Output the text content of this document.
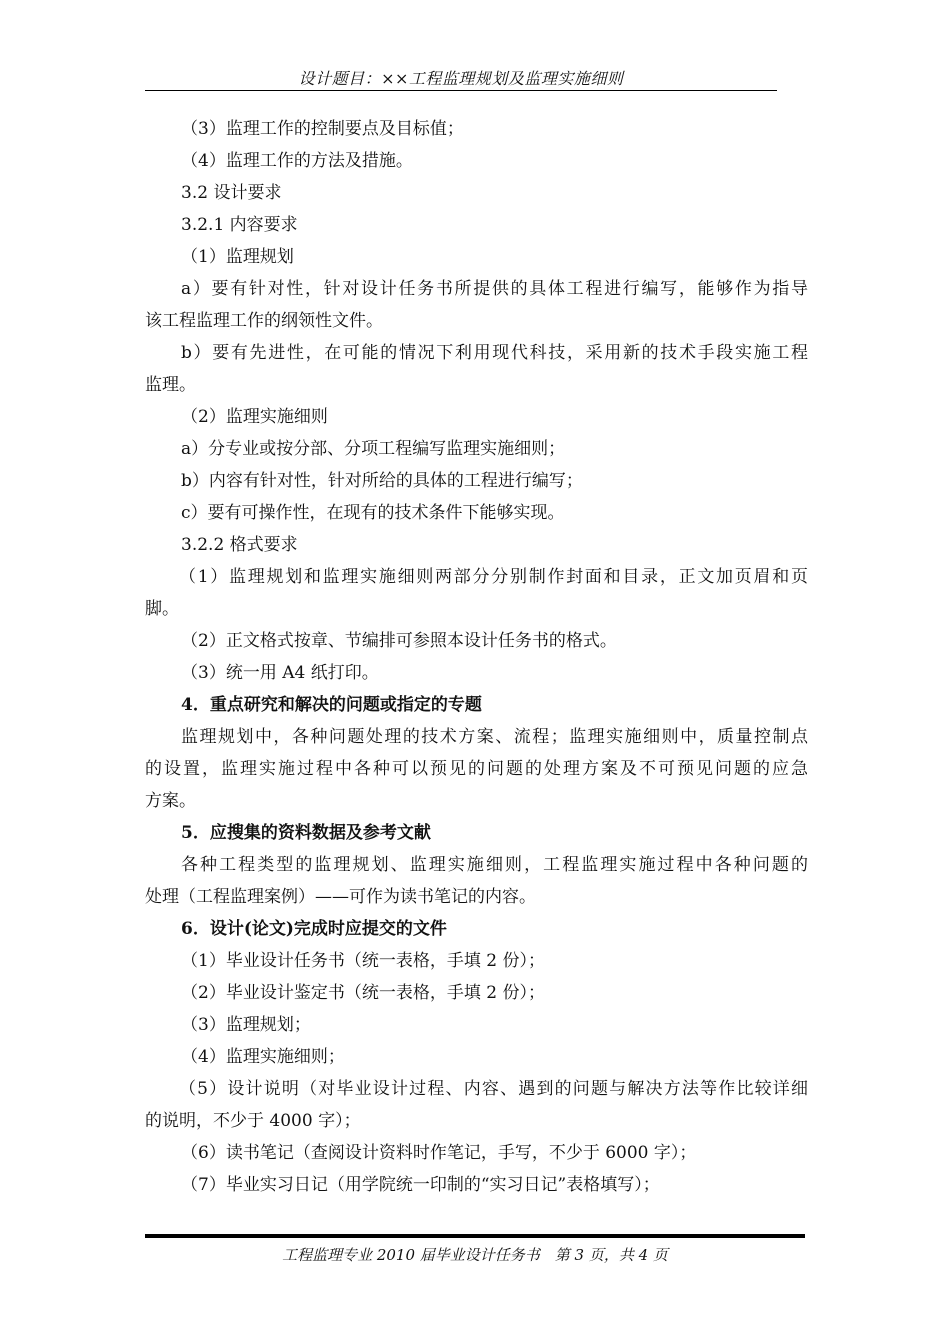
设计题目：××工程监理规划及监理实施细则
（3）监理工作的控制要点及目标值；
（4）监理工作的方法及措施。
3.2 设计要求
3.2.1 内容要求
（1）监理规划
a）要有针对性，针对设计任务书所提供的具体工程进行编写，能够作为指导
该工程监理工作的纲领性文件。
b）要有先进性，在可能的情况下利用现代科技，采用新的技术手段实施工程
监理。
（2）监理实施细则
a）分专业或按分部、分项工程编写监理实施细则；
b）内容有针对性，针对所给的具体的工程进行编写；
c）要有可操作性，在现有的技术条件下能够实现。
3.2.2 格式要求
（1）监理规划和监理实施细则两部分分别制作封面和目录，正文加页眉和页
脚。
（2）正文格式按章、节编排可参照本设计任务书的格式。
（3）统一用 A4 纸打印。
4．重点研究和解决的问题或指定的专题
监理规划中，各种问题处理的技术方案、流程；监理实施细则中，质量控制点
的设置，监理实施过程中各种可以预见的问题的处理方案及不可预见问题的应急
方案。
5．应搜集的资料数据及参考文献
各种工程类型的监理规划、监理实施细则，工程监理实施过程中各种问题的
处理（工程监理案例）——可作为读书笔记的内容。
6．设计(论文)完成时应提交的文件
（1）毕业设计任务书（统一表格，手填 2 份）；
（2）毕业设计鉴定书（统一表格，手填 2 份）；
（3）监理规划；
（4）监理实施细则；
（5）设计说明（对毕业设计过程、内容、遇到的问题与解决方法等作比较详细
的说明，不少于 4000 字）；
（6）读书笔记（查阅设计资料时作笔记，手写，不少于 6000 字）；
（7）毕业实习日记（用学院统一印制的“实习日记”表格填写）；
工程监理专业 2010 届毕业设计任务书　第 3 页，共 4 页
